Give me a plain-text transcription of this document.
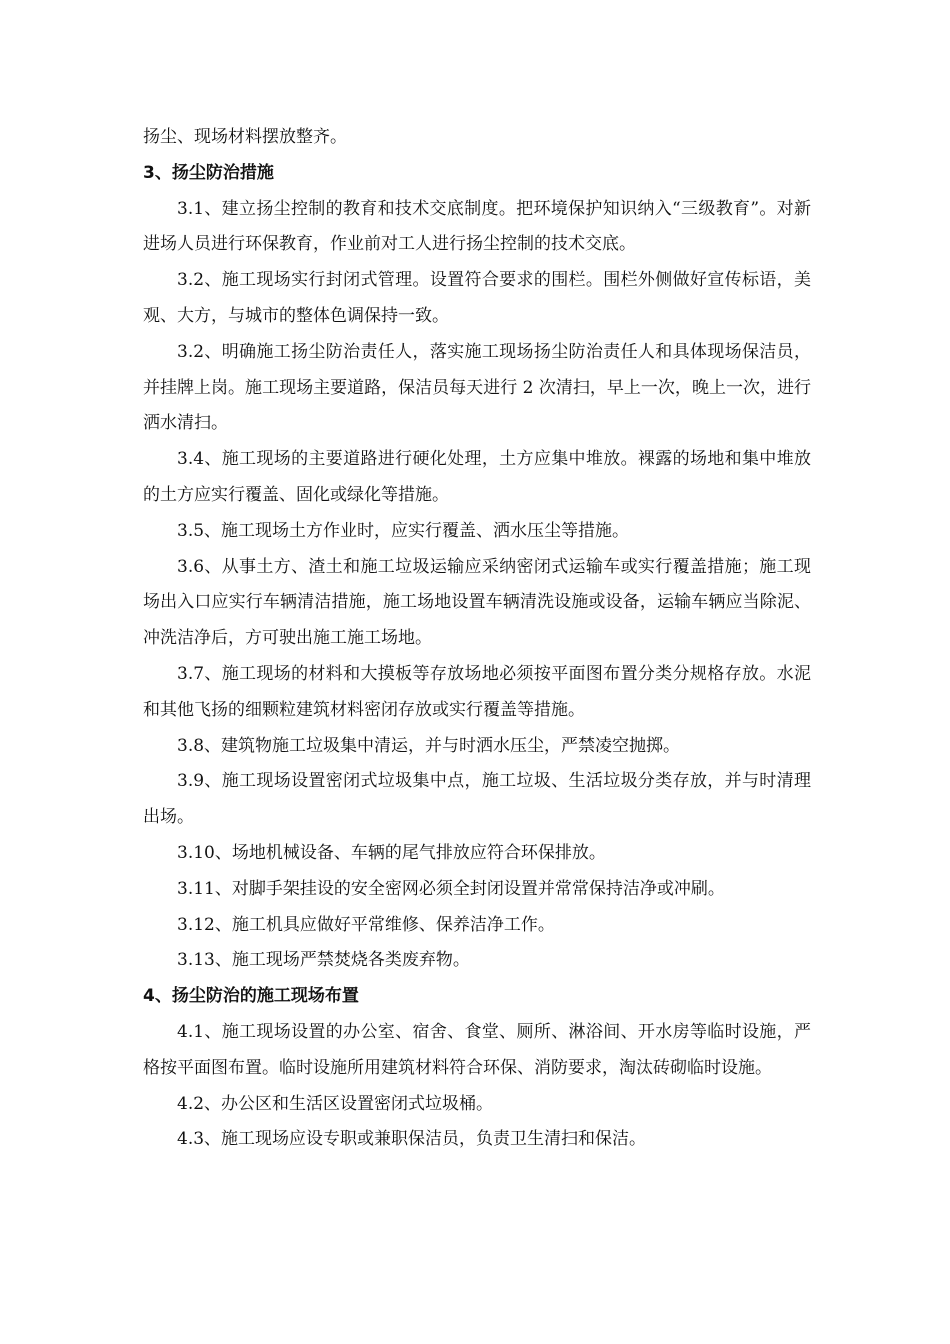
扬尘、现场材料摆放整齐。

3、扬尘防治措施

3.1、建立扬尘控制的教育和技术交底制度。把环境保护知识纳入“三级教育”。对新进场人员进行环保教育，作业前对工人进行扬尘控制的技术交底。

3.2、施工现场实行封闭式管理。设置符合要求的围栏。围栏外侧做好宣传标语，美观、大方，与城市的整体色调保持一致。

3.2、明确施工扬尘防治责任人，落实施工现场扬尘防治责任人和具体现场保洁员，并挂牌上岗。施工现场主要道路，保洁员每天进行 2 次清扫，早上一次，晚上一次，进行洒水清扫。

3.4、施工现场的主要道路进行硬化处理，土方应集中堆放。裸露的场地和集中堆放的土方应实行覆盖、固化或绿化等措施。

3.5、施工现场土方作业时，应实行覆盖、洒水压尘等措施。

3.6、从事土方、渣土和施工垃圾运输应采纳密闭式运输车或实行覆盖措施；施工现场出入口应实行车辆清洁措施，施工场地设置车辆清洗设施或设备，运输车辆应当除泥、冲洗洁净后，方可驶出施工施工场地。

3.7、施工现场的材料和大摸板等存放场地必须按平面图布置分类分规格存放。水泥和其他飞扬的细颗粒建筑材料密闭存放或实行覆盖等措施。

3.8、建筑物施工垃圾集中清运，并与时洒水压尘，严禁凌空抛掷。

3.9、施工现场设置密闭式垃圾集中点，施工垃圾、生活垃圾分类存放，并与时清理出场。

3.10、场地机械设备、车辆的尾气排放应符合环保排放。

3.11、对脚手架挂设的安全密网必须全封闭设置并常常保持洁净或冲刷。

3.12、施工机具应做好平常维修、保养洁净工作。

3.13、施工现场严禁焚烧各类废弃物。

4、扬尘防治的施工现场布置

4.1、施工现场设置的办公室、宿舍、食堂、厕所、淋浴间、开水房等临时设施，严格按平面图布置。临时设施所用建筑材料符合环保、消防要求，淘汰砖砌临时设施。

4.2、办公区和生活区设置密闭式垃圾桶。

4.3、施工现场应设专职或兼职保洁员，负责卫生清扫和保洁。
